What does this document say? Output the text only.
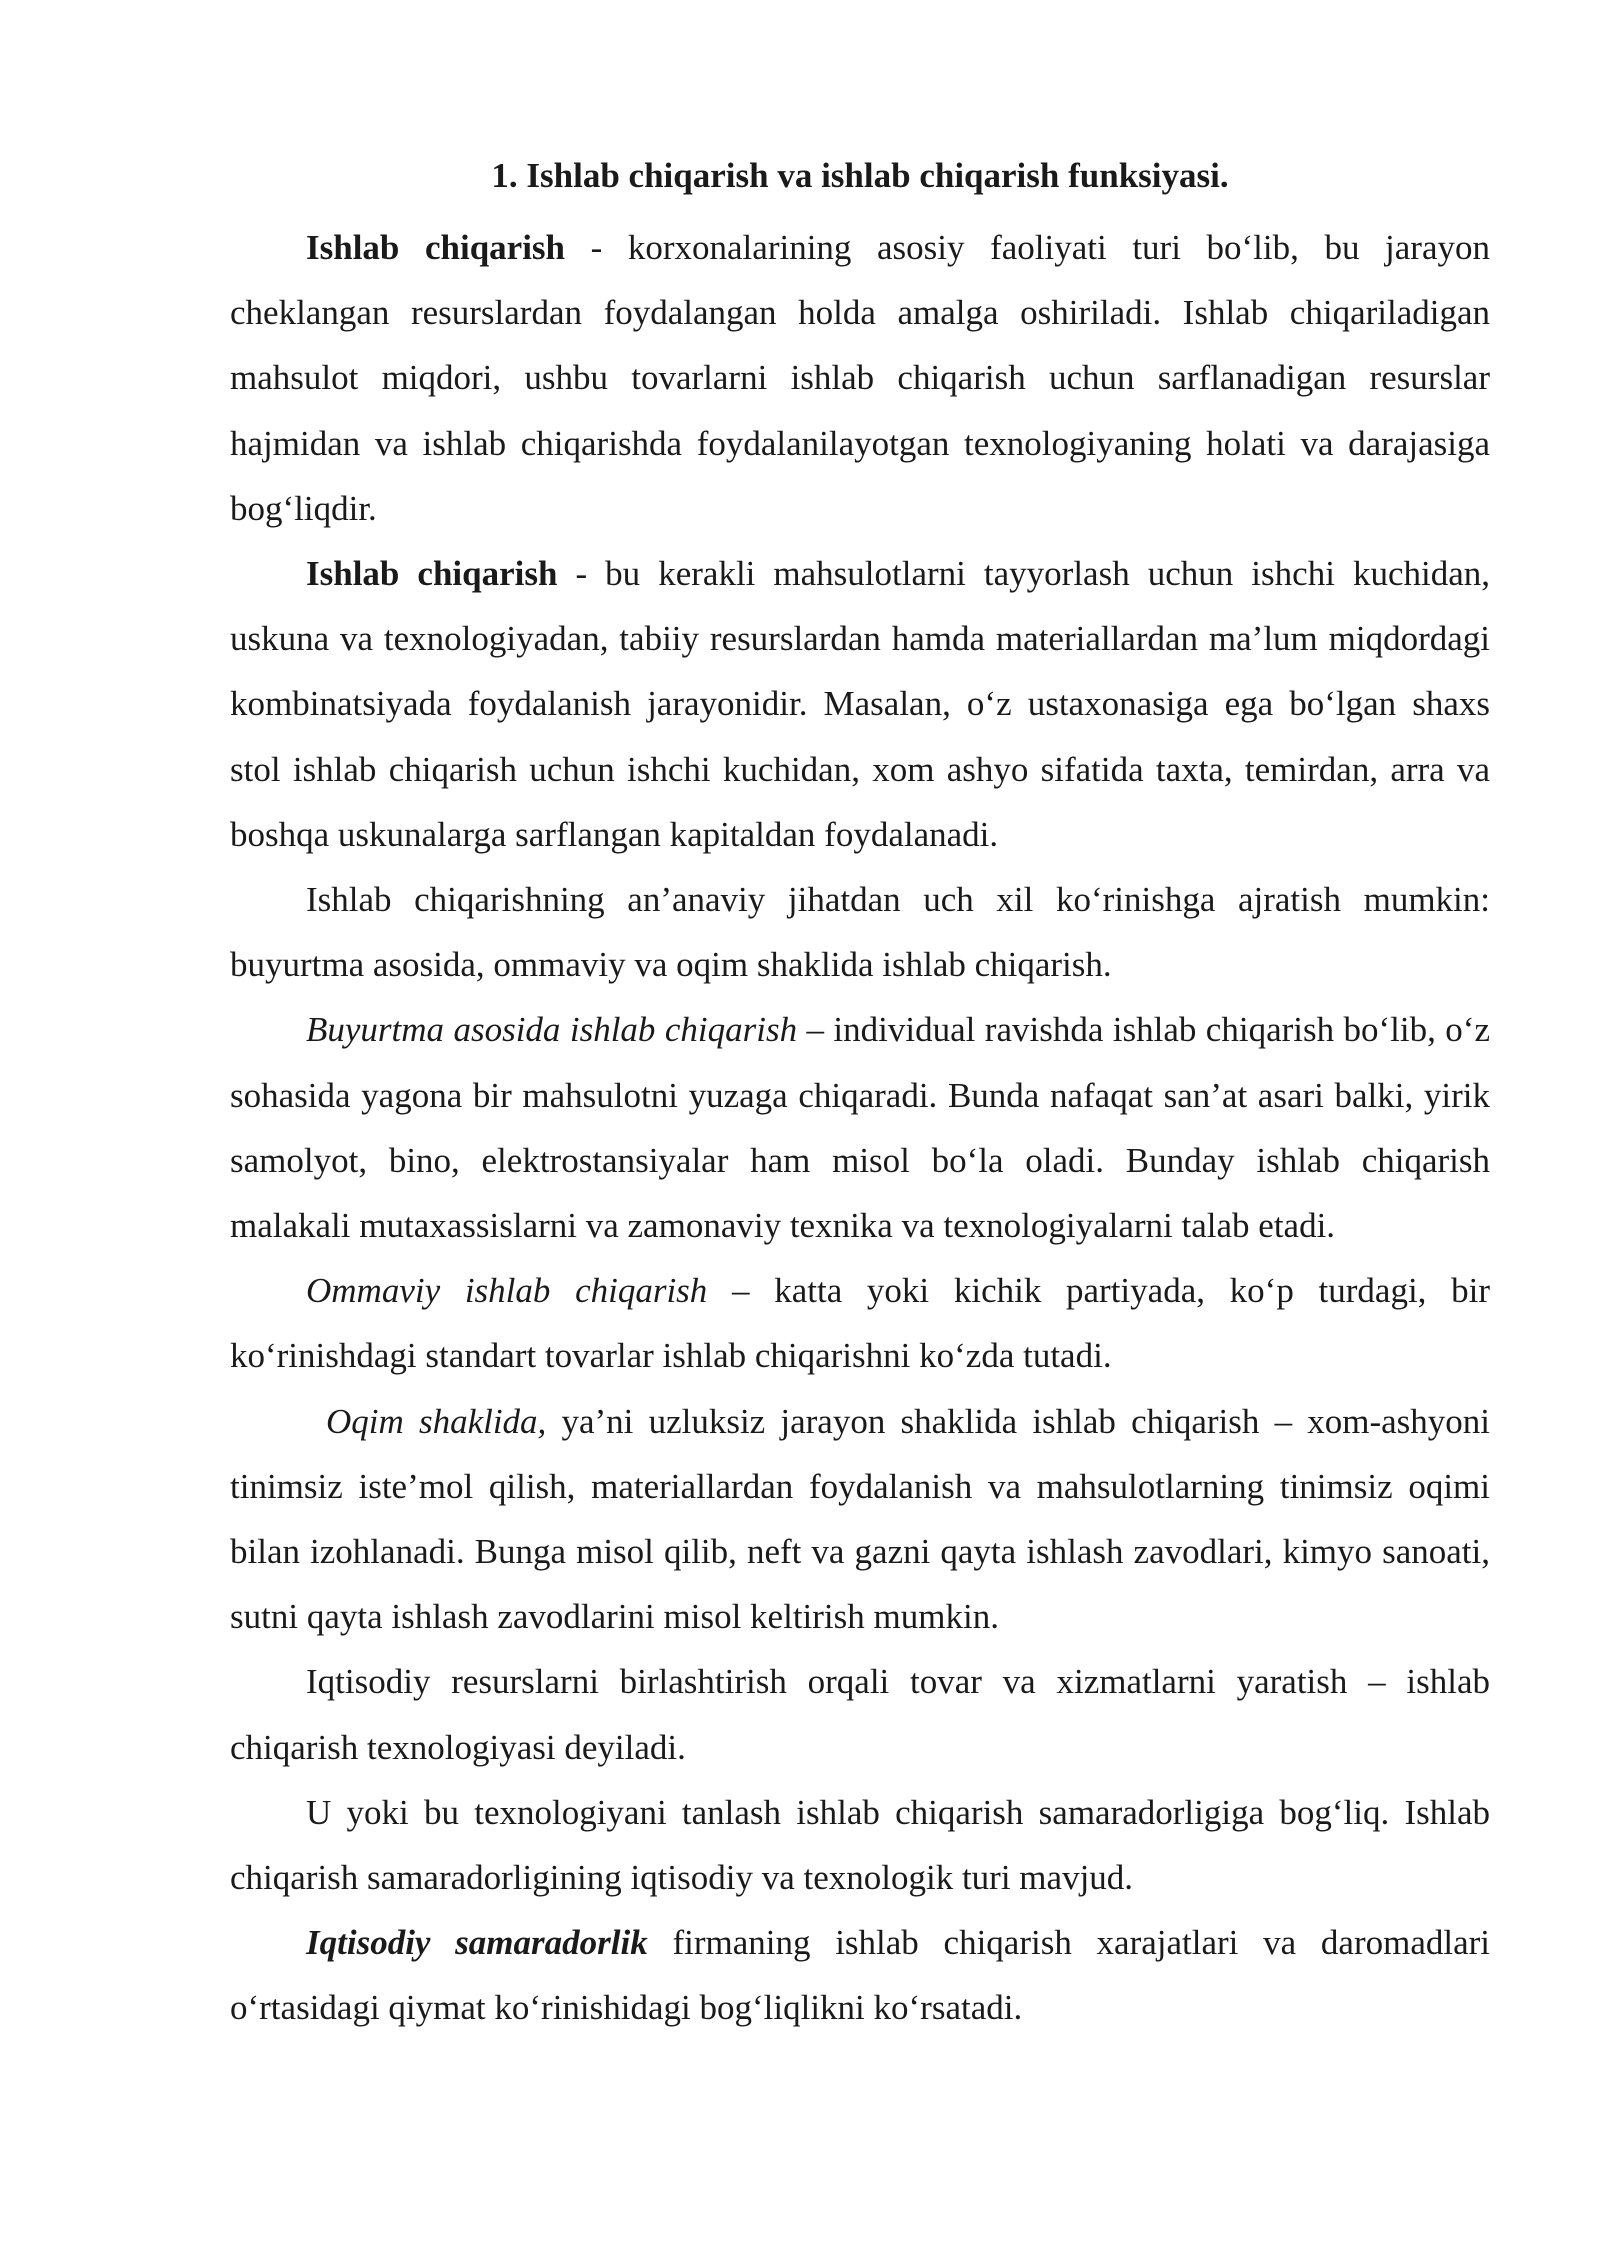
1. Ishlab chiqarish va ishlab chiqarish funksiyasi.

Ishlab chiqarish - korxonalarining asosiy faoliyati turi bo‘lib, bu jarayon cheklangan resurslardan foydalangan holda amalga oshiriladi. Ishlab chiqariladigan mahsulot miqdori, ushbu tovarlarni ishlab chiqarish uchun sarflanadigan resurslar hajmidan va ishlab chiqarishda foydalanilayotgan texnologiyaning holati va darajasiga bog‘liqdir.

Ishlab chiqarish - bu kerakli mahsulotlarni tayyorlash uchun ishchi kuchidan, uskuna va texnologiyadan, tabiiy resurslardan hamda materiallardan ma’lum miqdordagi kombinatsiyada foydalanish jarayonidir. Masalan, o‘z ustaxonasiga ega bo‘lgan shaxs stol ishlab chiqarish uchun ishchi kuchidan, xom ashyo sifatida taxta, temirdan, arra va boshqa uskunalarga sarflangan kapitaldan foydalanadi.

Ishlab chiqarishning an’anaviy jihatdan uch xil ko‘rinishga ajratish mumkin: buyurtma asosida, ommaviy va oqim shaklida ishlab chiqarish.

Buyurtma asosida ishlab chiqarish – individual ravishda ishlab chiqarish bo‘lib, o‘z sohasida yagona bir mahsulotni yuzaga chiqaradi. Bunda nafaqat san’at asari balki, yirik samolyot, bino, elektrostansiyalar ham misol bo‘la oladi. Bunday ishlab chiqarish malakali mutaxassislarni va zamonaviy texnika va texnologiyalarni talab etadi.

Ommaviy ishlab chiqarish – katta yoki kichik partiyada, ko‘p turdagi, bir ko‘rinishdagi standart tovarlar ishlab chiqarishni ko‘zda tutadi.

Oqim shaklida, ya’ni uzluksiz jarayon shaklida ishlab chiqarish – xom-ashyoni tinimsiz iste’mol qilish, materiallardan foydalanish va mahsulotlarning tinimsiz oqimi bilan izohlanadi. Bunga misol qilib, neft va gazni qayta ishlash zavodlari, kimyo sanoati, sutni qayta ishlash zavodlarini misol keltirish mumkin.

Iqtisodiy resurslarni birlashtirish orqali tovar va xizmatlarni yaratish – ishlab chiqarish texnologiyasi deyiladi.

U yoki bu texnologiyani tanlash ishlab chiqarish samaradorligiga bog‘liq. Ishlab chiqarish samaradorligining iqtisodiy va texnologik turi mavjud.

Iqtisodiy samaradorlik firmaning ishlab chiqarish xarajatlari va daromadlari o‘rtasidagi qiymat ko‘rinishidagi bog‘liqlikni ko‘rsatadi.
